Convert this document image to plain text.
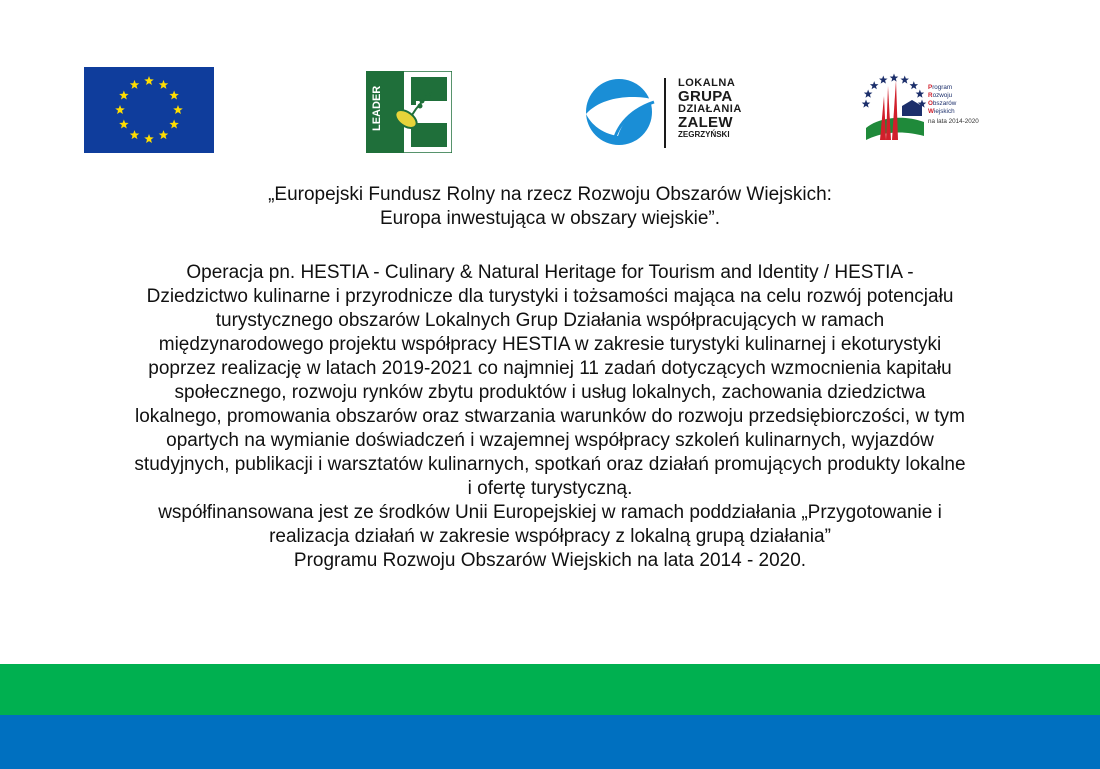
LEADER
LOKALNA
GRUPA
DZIAŁANIA
ZALEW
ZEGRZYŃSKI
Program
Rozwoju
Obszarów
Wiejskich
na lata 2014-2020
„Europejski Fundusz Rolny na rzecz Rozwoju Obszarów Wiejskich:
Europa inwestująca w obszary wiejskie”.
Operacja pn. HESTIA - Culinary & Natural Heritage for Tourism and Identity / HESTIA -
Dziedzictwo kulinarne i przyrodnicze dla turystyki i tożsamości mająca na celu rozwój potencjału
turystycznego obszarów Lokalnych Grup Działania współpracujących w ramach
międzynarodowego projektu współpracy HESTIA w zakresie turystyki kulinarnej i ekoturystyki
poprzez realizację w latach 2019-2021 co najmniej 11 zadań dotyczących wzmocnienia kapitału
społecznego, rozwoju rynków zbytu produktów i usług lokalnych, zachowania dziedzictwa
lokalnego, promowania obszarów oraz stwarzania warunków do rozwoju przedsiębiorczości, w tym
opartych na wymianie doświadczeń i wzajemnej współpracy szkoleń kulinarnych, wyjazdów
studyjnych, publikacji i warsztatów kulinarnych, spotkań oraz działań promujących produkty lokalne
i ofertę turystyczną.
współfinansowana jest ze środków Unii Europejskiej w ramach poddziałania „Przygotowanie i
realizacja działań w zakresie współpracy z lokalną grupą działania”
Programu Rozwoju Obszarów Wiejskich na lata 2014 - 2020.
